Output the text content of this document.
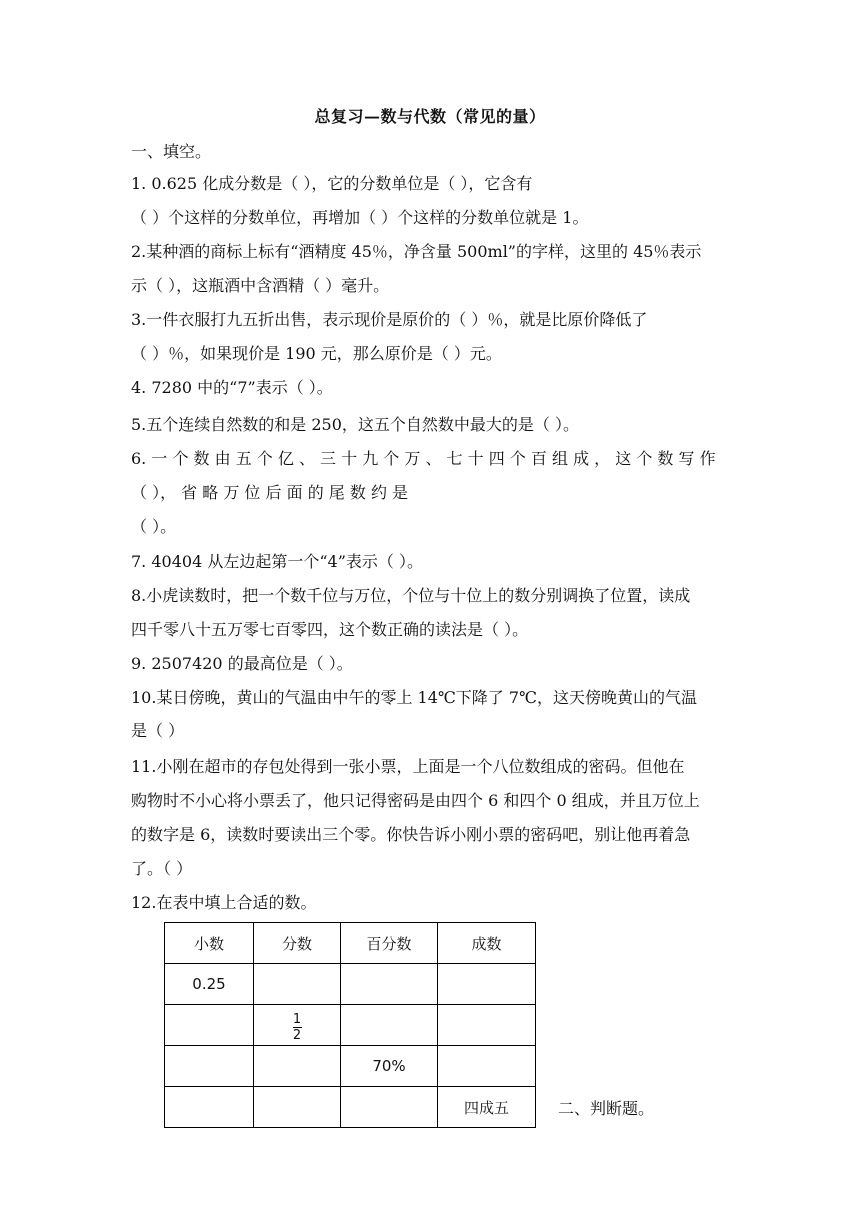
总复习—数与代数（常见的量）
一、填空。
1. 0.625 化成分数是（ ），它的分数单位是（ ），它含有
（ ）个这样的分数单位，再增加（ ）个这样的分数单位就是 1。
2.某种酒的商标上标有“酒精度 45％，净含量 500ml”的字样，这里的 45％表示
示（ ），这瓶酒中含酒精（ ）毫升。
3.一件衣服打九五折出售，表示现价是原价的（ ）％，就是比原价降低了
（ ）％，如果现价是 190 元，那么原价是（ ）元。
4. 7280 中的“7”表示（ ）。
5.五个连续自然数的和是 250，这五个自然数中最大的是（ ）。
6. 一 个 数 由 五 个 亿 、 三 十 九 个 万 、 七 十 四 个 百 组 成 ， 这 个 数 写 作
（ ）， 省 略 万 位 后 面 的 尾 数 约 是
（ ）。
7. 40404 从左边起第一个“4”表示（ ）。
8.小虎读数时，把一个数千位与万位，个位与十位上的数分别调换了位置，读成
四千零八十五万零七百零四，这个数正确的读法是（ ）。
9. 2507420 的最高位是（ ）。
10.某日傍晚，黄山的气温由中午的零上 14℃下降了 7℃，这天傍晚黄山的气温
是（ ）
11.小刚在超市的存包处得到一张小票，上面是一个八位数组成的密码。但他在
购物时不小心将小票丢了，他只记得密码是由四个 6 和四个 0 组成，并且万位上
的数字是 6，读数时要读出三个零。你快告诉小刚小票的密码吧，别让他再着急
了。（ ）
12.在表中填上合适的数。
小数	分数	百分数	成数
0.25			

	$\frac{1}{2}$

		70%	
			四成五	二、判断题。
